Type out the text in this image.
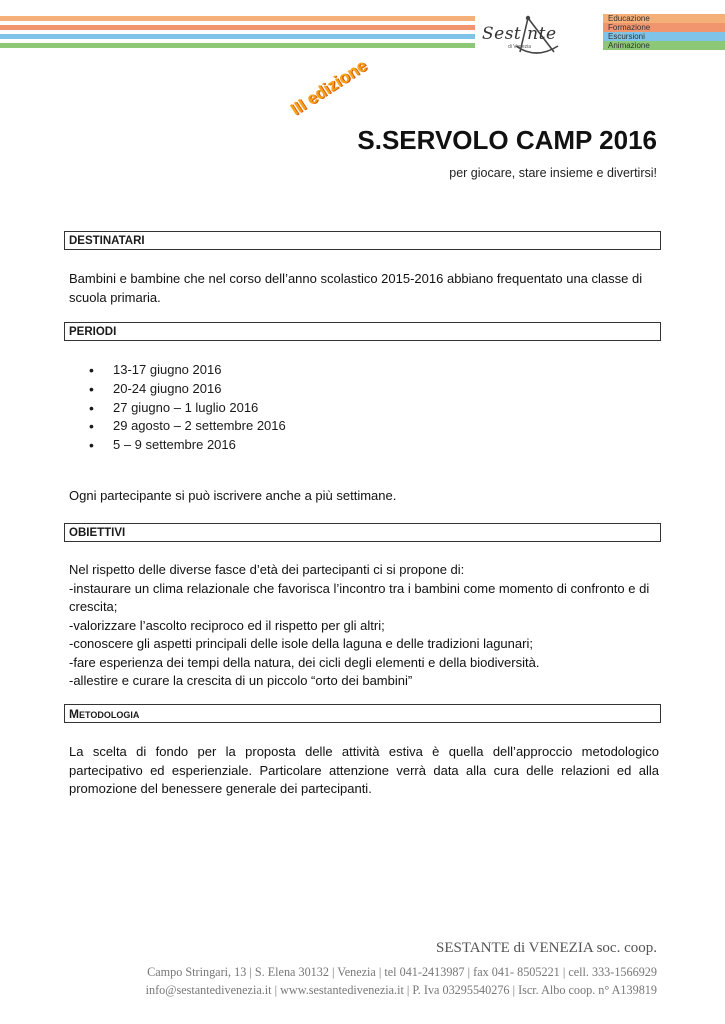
Sest nte
di Venezia
Educazione
Formazione
Escursioni
Animazione
III edizione
S.SERVOLO CAMP 2016
per giocare, stare insieme e divertirsi!
DESTINATARI
Bambini e bambine che nel corso dell’anno scolastico 2015-2016 abbiano frequentato una classe di scuola primaria.
PERIODI
• 13-17 giugno 2016
• 20-24 giugno 2016
• 27 giugno – 1 luglio 2016
• 29 agosto – 2 settembre 2016
• 5 – 9 settembre 2016
Ogni partecipante si può iscrivere anche a più settimane.
OBIETTIVI
Nel rispetto delle diverse fasce d’età dei partecipanti ci si propone di:
-instaurare un clima relazionale che favorisca l’incontro tra i bambini come momento di confronto e di crescita;
-valorizzare l’ascolto reciproco ed il rispetto per gli altri;
-conoscere gli aspetti principali delle isole della laguna e delle tradizioni lagunari;
-fare esperienza dei tempi della natura, dei cicli degli elementi e della biodiversità.
-allestire e curare la crescita di un piccolo “orto dei bambini”
METODOLOGIA
La scelta di fondo per la proposta delle attività estiva è quella dell’approccio metodologico partecipativo ed esperienziale. Particolare attenzione verrà data alla cura delle relazioni ed alla promozione del benessere generale dei partecipanti.
SESTANTE di VENEZIA soc. coop.
Campo Stringari, 13 | S. Elena 30132 | Venezia | tel 041-2413987 | fax 041- 8505221 | cell. 333-1566929
info@sestantedivenezia.it | www.sestantedivenezia.it | P. Iva 03295540276 | Iscr. Albo coop. n° A139819
